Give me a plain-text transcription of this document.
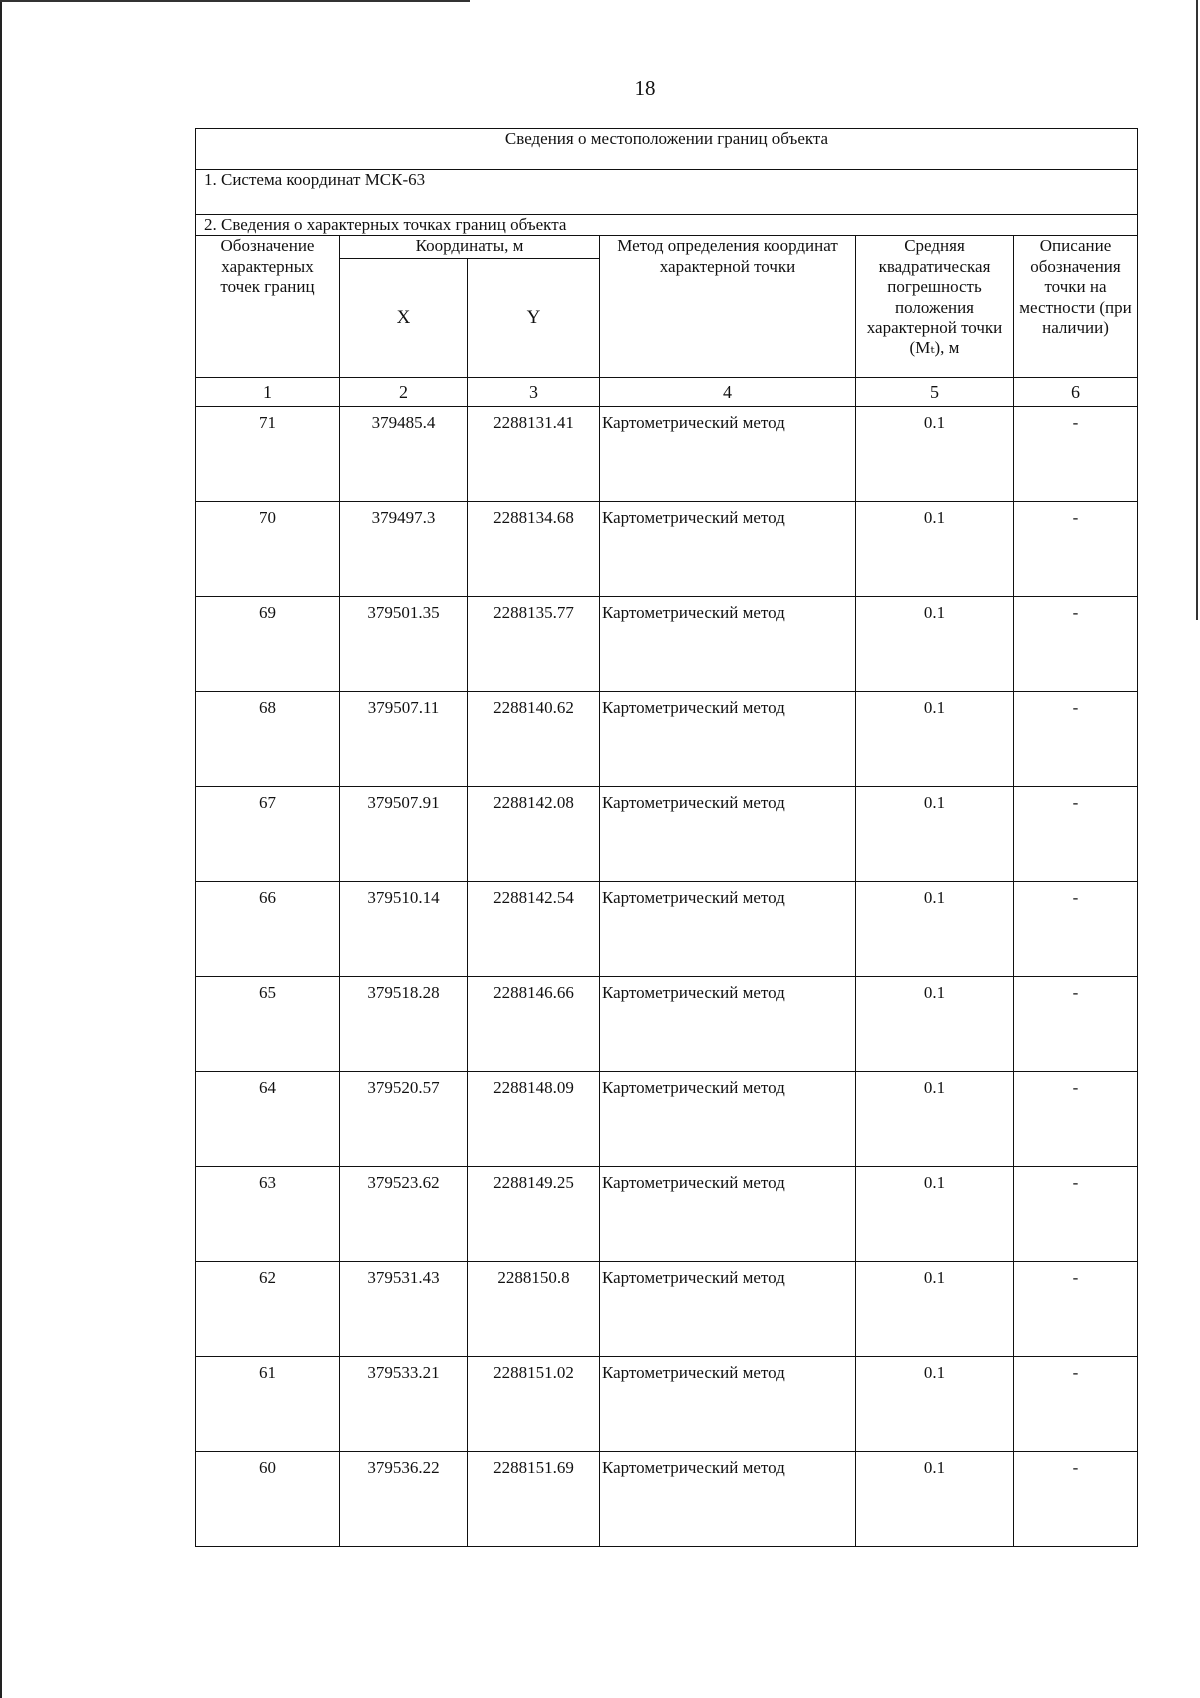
18
Сведения о местоположении границ объекта					
1. Система координат МСК-63					
2. Сведения о характерных точках границ объекта					
Обозначение характерных точек границ	Координаты, м		Метод определения координат характерной точки	Средняя квадратическая погрешность положения характерной точки (Mₜ), м	Описание обозначения точки на местности (при наличии)
	X	Y			
1	2	3	4	5	6
71	379485.4	2288131.41	Картометрический метод	0.1	-
70	379497.3	2288134.68	Картометрический метод	0.1	-
69	379501.35	2288135.77	Картометрический метод	0.1	-
68	379507.11	2288140.62	Картометрический метод	0.1	-
67	379507.91	2288142.08	Картометрический метод	0.1	-
66	379510.14	2288142.54	Картометрический метод	0.1	-
65	379518.28	2288146.66	Картометрический метод	0.1	-
64	379520.57	2288148.09	Картометрический метод	0.1	-
63	379523.62	2288149.25	Картометрический метод	0.1	-
62	379531.43	2288150.8	Картометрический метод	0.1	-
61	379533.21	2288151.02	Картометрический метод	0.1	-
60	379536.22	2288151.69	Картометрический метод	0.1	-
